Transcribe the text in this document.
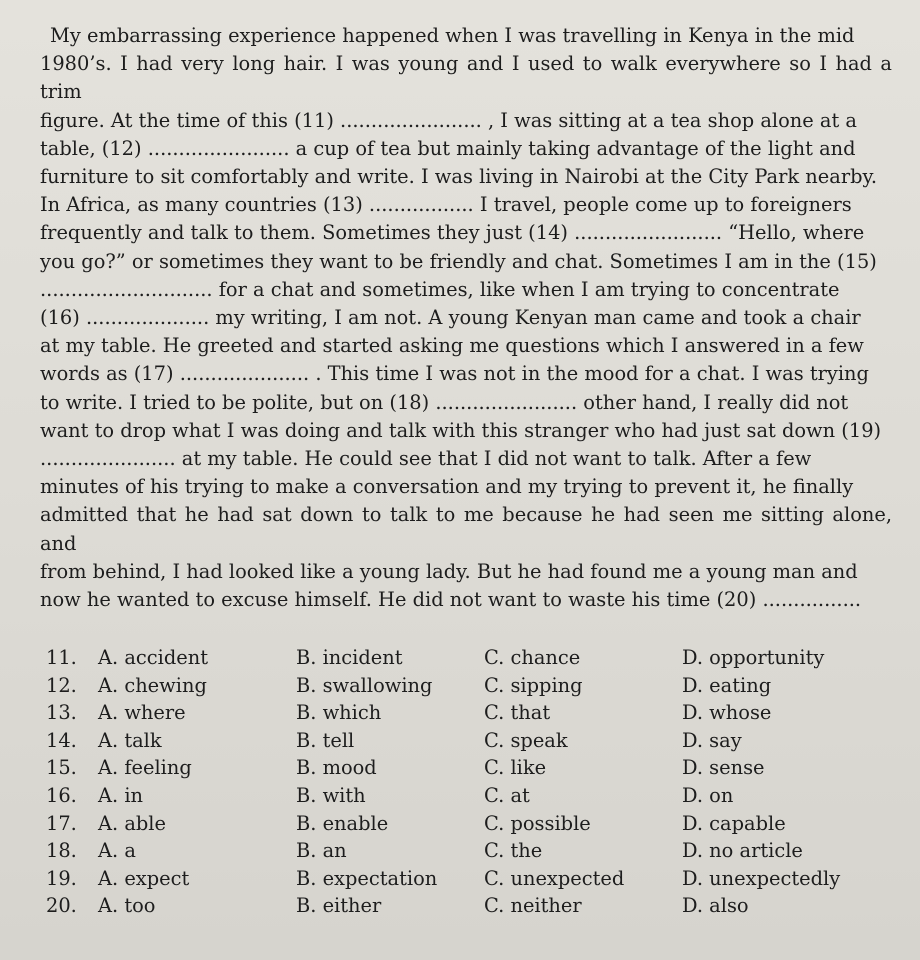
My embarrassing experience happened when I was travelling in Kenya in the mid

1980’s. I had very long hair. I was young and I used to walk everywhere so I had a trim

figure. At the time of this (11) ....................... , I was sitting at a tea shop alone at a

table, (12) ....................... a cup of tea but mainly taking advantage of the light and

furniture to sit comfortably and write. I was living in Nairobi at the City Park nearby.

In Africa, as many countries (13) ................. I travel, people come up to foreigners

frequently and talk to them. Sometimes they just (14) ........................ “Hello, where

you go?” or sometimes they want to be friendly and chat. Sometimes I am in the (15)

............................ for a chat and sometimes, like when I am trying to concentrate

(16) .................... my writing, I am not. A young Kenyan man came and took a chair

at my table. He greeted and started asking me questions which I answered in a few

words as (17) ..................... . This time I was not in the mood for a chat. I was trying

to write. I tried to be polite, but on (18) ....................... other hand, I really did not

want to drop what I was doing and talk with this stranger who had just sat down (19)

...................... at my table. He could see that I did not want to talk. After a few

minutes of his trying to make a conversation and my trying to prevent it, he finally

admitted that he had sat down to talk to me because he had seen me sitting alone, and

from behind, I had looked like a young lady. But he had found me a young man and

now he wanted to excuse himself. He did not want to waste his time (20) ................

11. A. accident	B. incident	C. chance	D. opportunity
12. A. chewing	B. swallowing	C. sipping	D. eating
13. A. where	B. which	C. that	D. whose
14. A. talk	B. tell	C. speak	D. say
15. A. feeling	B. mood	C. like	D. sense
16. A. in	B. with	C. at	D. on
17. A. able	B. enable	C. possible	D. capable
18. A. a	B. an	C. the	D. no article
19. A. expect	B. expectation C. unexpected	D. unexpectedly
20. A. too	B. either	C. neither	D. also
